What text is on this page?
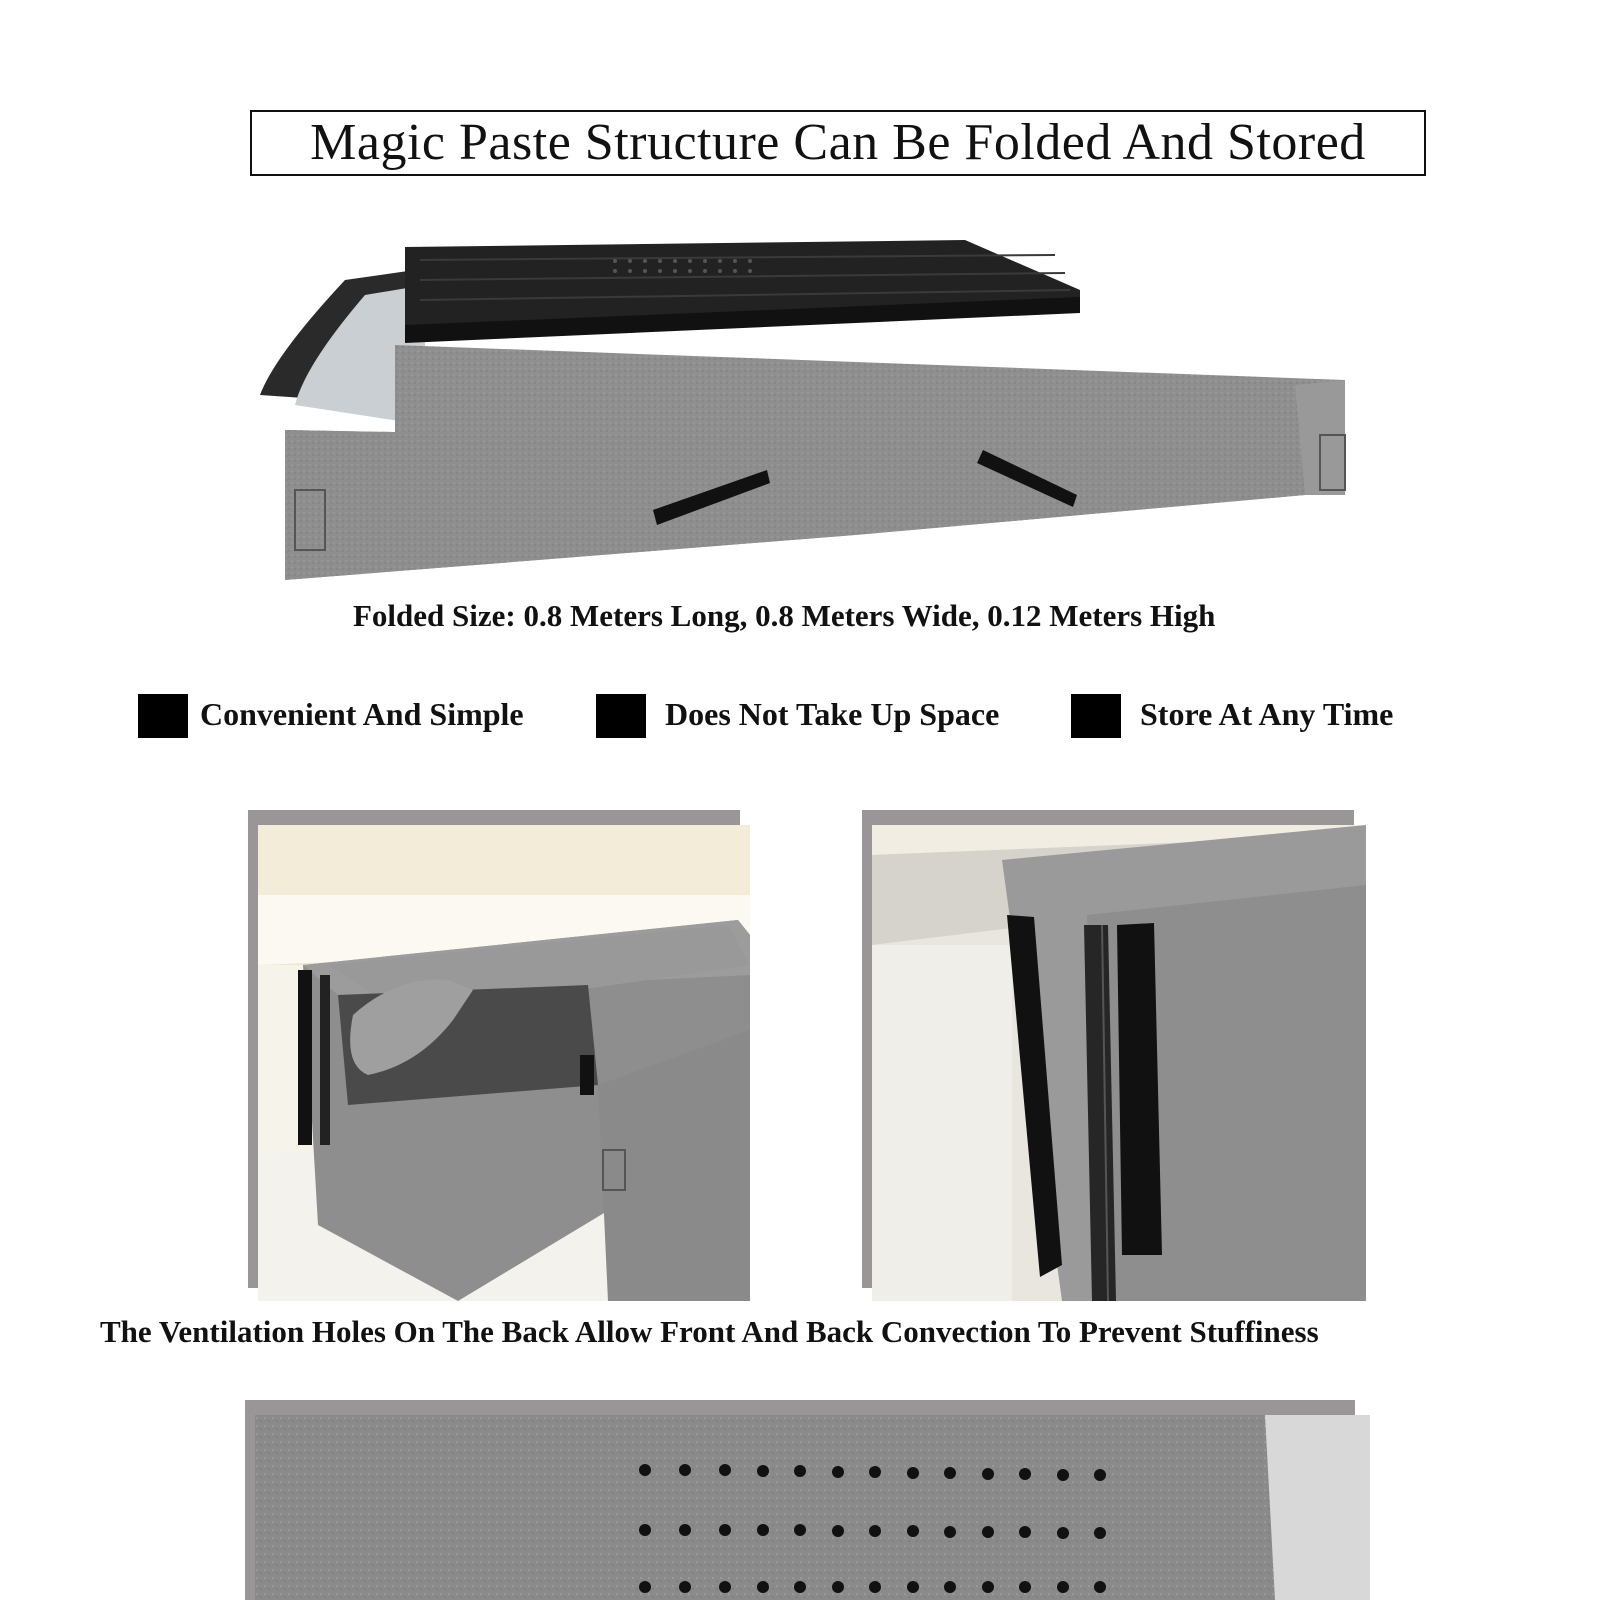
Magic Paste Structure Can Be Folded And Stored
Folded Size: 0.8 Meters Long, 0.8 Meters Wide, 0.12 Meters High
Convenient And Simple	Does Not Take Up Space	Store At Any Time
The Ventilation Holes On The Back Allow Front And Back Convection To Prevent Stuffiness
